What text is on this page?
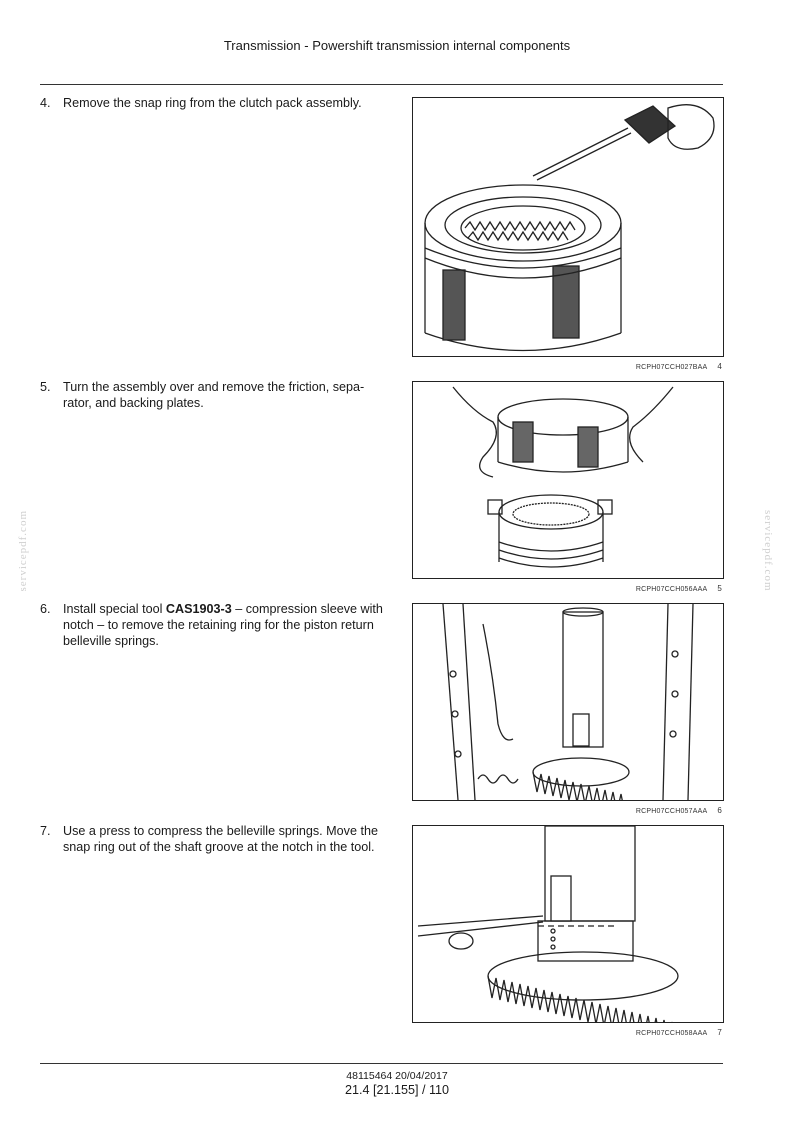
Transmission - Powershift transmission internal components
4. Remove the snap ring from the clutch pack assembly.
RCPH07CCH027BAA 4
5. Turn the assembly over and remove the friction, sepa-rator, and backing plates.
RCPH07CCH056AAA 5
6. Install special tool CAS1903-3 – compression sleeve with notch – to remove the retaining ring for the piston return belleville springs.
RCPH07CCH057AAA 6
7. Use a press to compress the belleville springs. Move the snap ring out of the shaft groove at the notch in the tool.
RCPH07CCH058AAA 7
servicepdf.com	servicepdf.com
48115464 20/04/2017
21.4 [21.155] / 110
